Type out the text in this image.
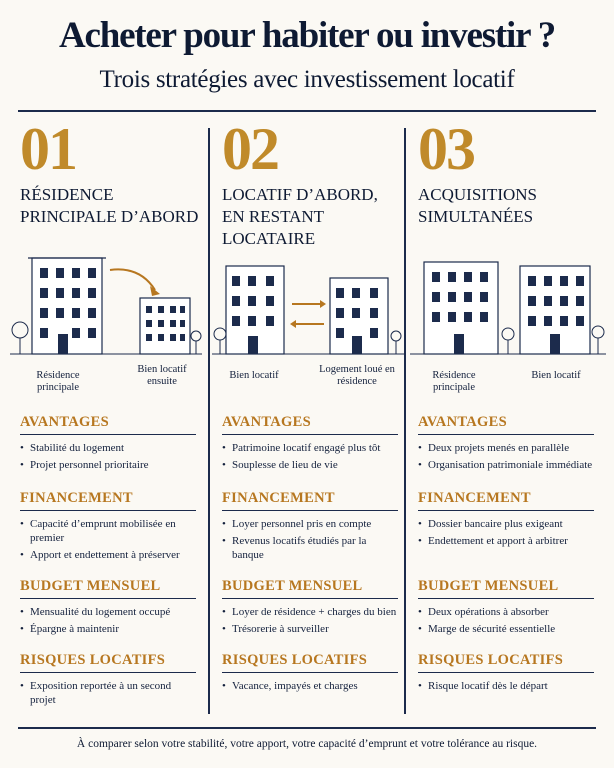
Acheter pour habiter ou investir ?
Trois stratégies avec investissement locatif
01
RÉSIDENCE PRINCIPALE D’ABORD
02
LOCATIF D’ABORD, EN RESTANT LOCATAIRE
03
ACQUISITIONS SIMULTANÉES
Résidence principale
Bien locatif ensuite
Bien locatif
Logement loué en résidence
Résidence principale
Bien locatif
AVANTAGES
• Stabilité du logement
• Projet personnel prioritaire
FINANCEMENT
• Capacité d’emprunt mobilisée en premier
• Apport et endettement à préserver
BUDGET MENSUEL
• Mensualité du logement occupé
• Épargne à maintenir
RISQUES LOCATIFS
• Exposition reportée à un second projet
AVANTAGES
• Patrimoine locatif engagé plus tôt
• Souplesse de lieu de vie
FINANCEMENT
• Loyer personnel pris en compte
• Revenus locatifs étudiés par la banque
BUDGET MENSUEL
• Loyer de résidence + charges du bien
• Trésorerie à surveiller
RISQUES LOCATIFS
• Vacance, impayés et charges
AVANTAGES
• Deux projets menés en parallèle
• Organisation patrimoniale immédiate
FINANCEMENT
• Dossier bancaire plus exigeant
• Endettement et apport à arbitrer
BUDGET MENSUEL
• Deux opérations à absorber
• Marge de sécurité essentielle
RISQUES LOCATIFS
• Risque locatif dès le départ
À comparer selon votre stabilité, votre apport, votre capacité d’emprunt et votre tolérance au risque.
